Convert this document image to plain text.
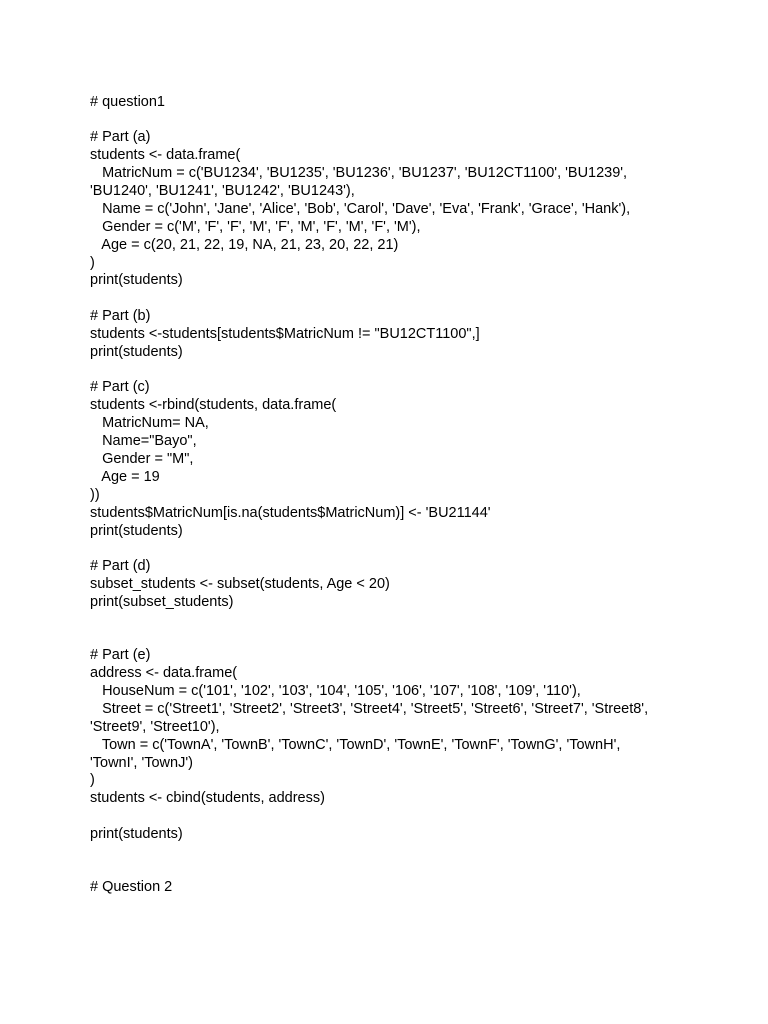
# question1

# Part (a)

students <- data.frame(

MatricNum = c('BU1234', 'BU1235', 'BU1236', 'BU1237', 'BU12CT1100', 'BU1239',

'BU1240', 'BU1241', 'BU1242', 'BU1243'),

Name = c('John', 'Jane', 'Alice', 'Bob', 'Carol', 'Dave', 'Eva', 'Frank', 'Grace', 'Hank'),

Gender = c('M', 'F', 'F', 'M', 'F', 'M', 'F', 'M', 'F', 'M'),

Age = c(20, 21, 22, 19, NA, 21, 23, 20, 22, 21)

)

print(students)

# Part (b)

students <-students[students$MatricNum != "BU12CT1100",]

print(students)

# Part (c)

students <-rbind(students, data.frame(

MatricNum= NA,

Name="Bayo",

Gender = "M",

Age = 19

))

students$MatricNum[is.na(students$MatricNum)] <- 'BU21144'

print(students)

# Part (d)

subset_students <- subset(students, Age < 20)

print(subset_students)

# Part (e)

address <- data.frame(

HouseNum = c('101', '102', '103', '104', '105', '106', '107', '108', '109', '110'),

Street = c('Street1', 'Street2', 'Street3', 'Street4', 'Street5', 'Street6', 'Street7', 'Street8',

'Street9', 'Street10'),

Town = c('TownA', 'TownB', 'TownC', 'TownD', 'TownE', 'TownF', 'TownG', 'TownH',

'TownI', 'TownJ')

)

students <- cbind(students, address)

print(students)

# Question 2
